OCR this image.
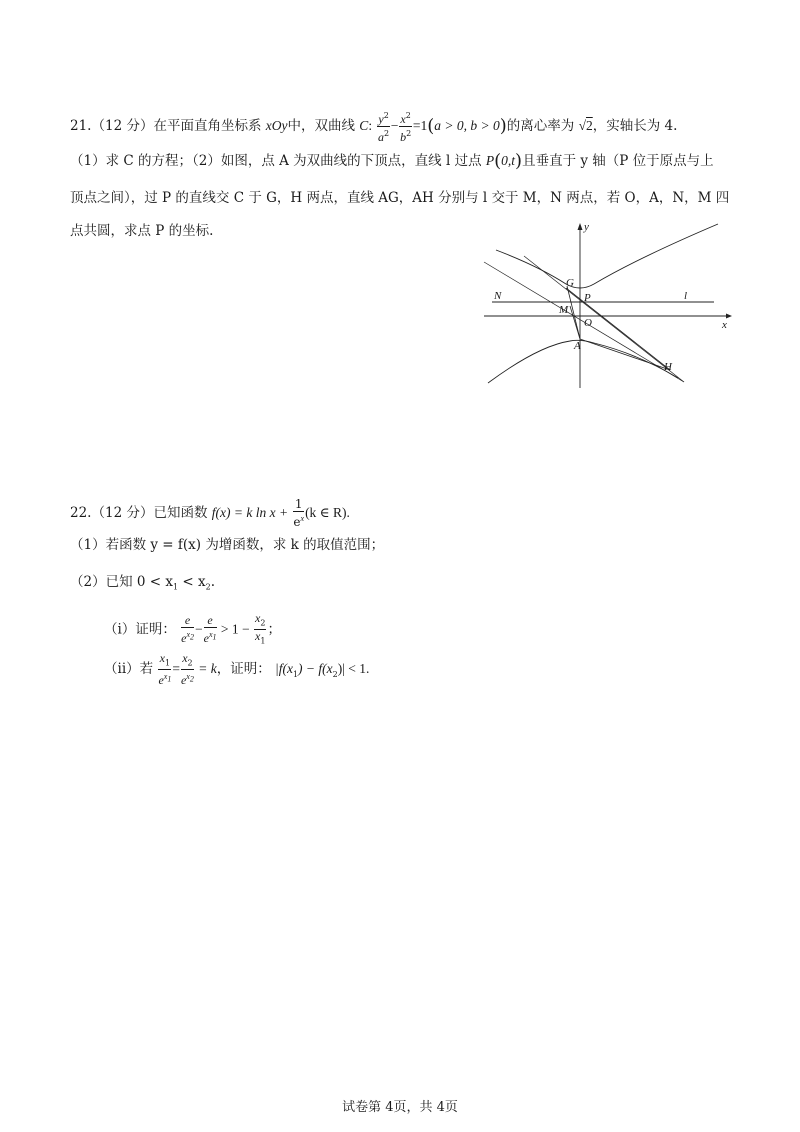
21.（12 分）在平面直角坐标系 xOy中，双曲线 C: $\frac{y^2}{a^2} - \frac{x^2}{b^2} =1(a > 0$, b > 0)的离心率为 √2，实轴长为 4.
（1）求 C 的方程；（2）如图，点 A 为双曲线的下顶点，直线 l 过点 P(0,t)且垂直于 y 轴（P 位于原点与上
顶点之间），过 P 的直线交 C 于 G，H 两点，直线 AG，AH 分别与 l 交于 M，N 两点，若 O，A，N，M 四
点共圆，求点 P 的坐标.	y
x
G
P	l
N
M
O
A
H
22.（12 分）已知函数 f(x) = k $\ln x + \frac{1}{e^x} (k$ ∈ R).
（1）若函数 y = f(x) 为增函数，求 k 的取值范围；
（2）已知 $0 < x_1 < x_2$.
（i）证明： $\frac{e}{e^{x_2}} - \frac{e}{e^{x_1}} > 1 - \frac{x_2}{x_1}$ ；
（ii）若 $\frac{x_1}{e^{x_1}} = \frac{x_2}{e^{x_2}} = k$，证明： $|f(x_1) - f(x_2)| < 1$.
试卷第 4页，共 4页
